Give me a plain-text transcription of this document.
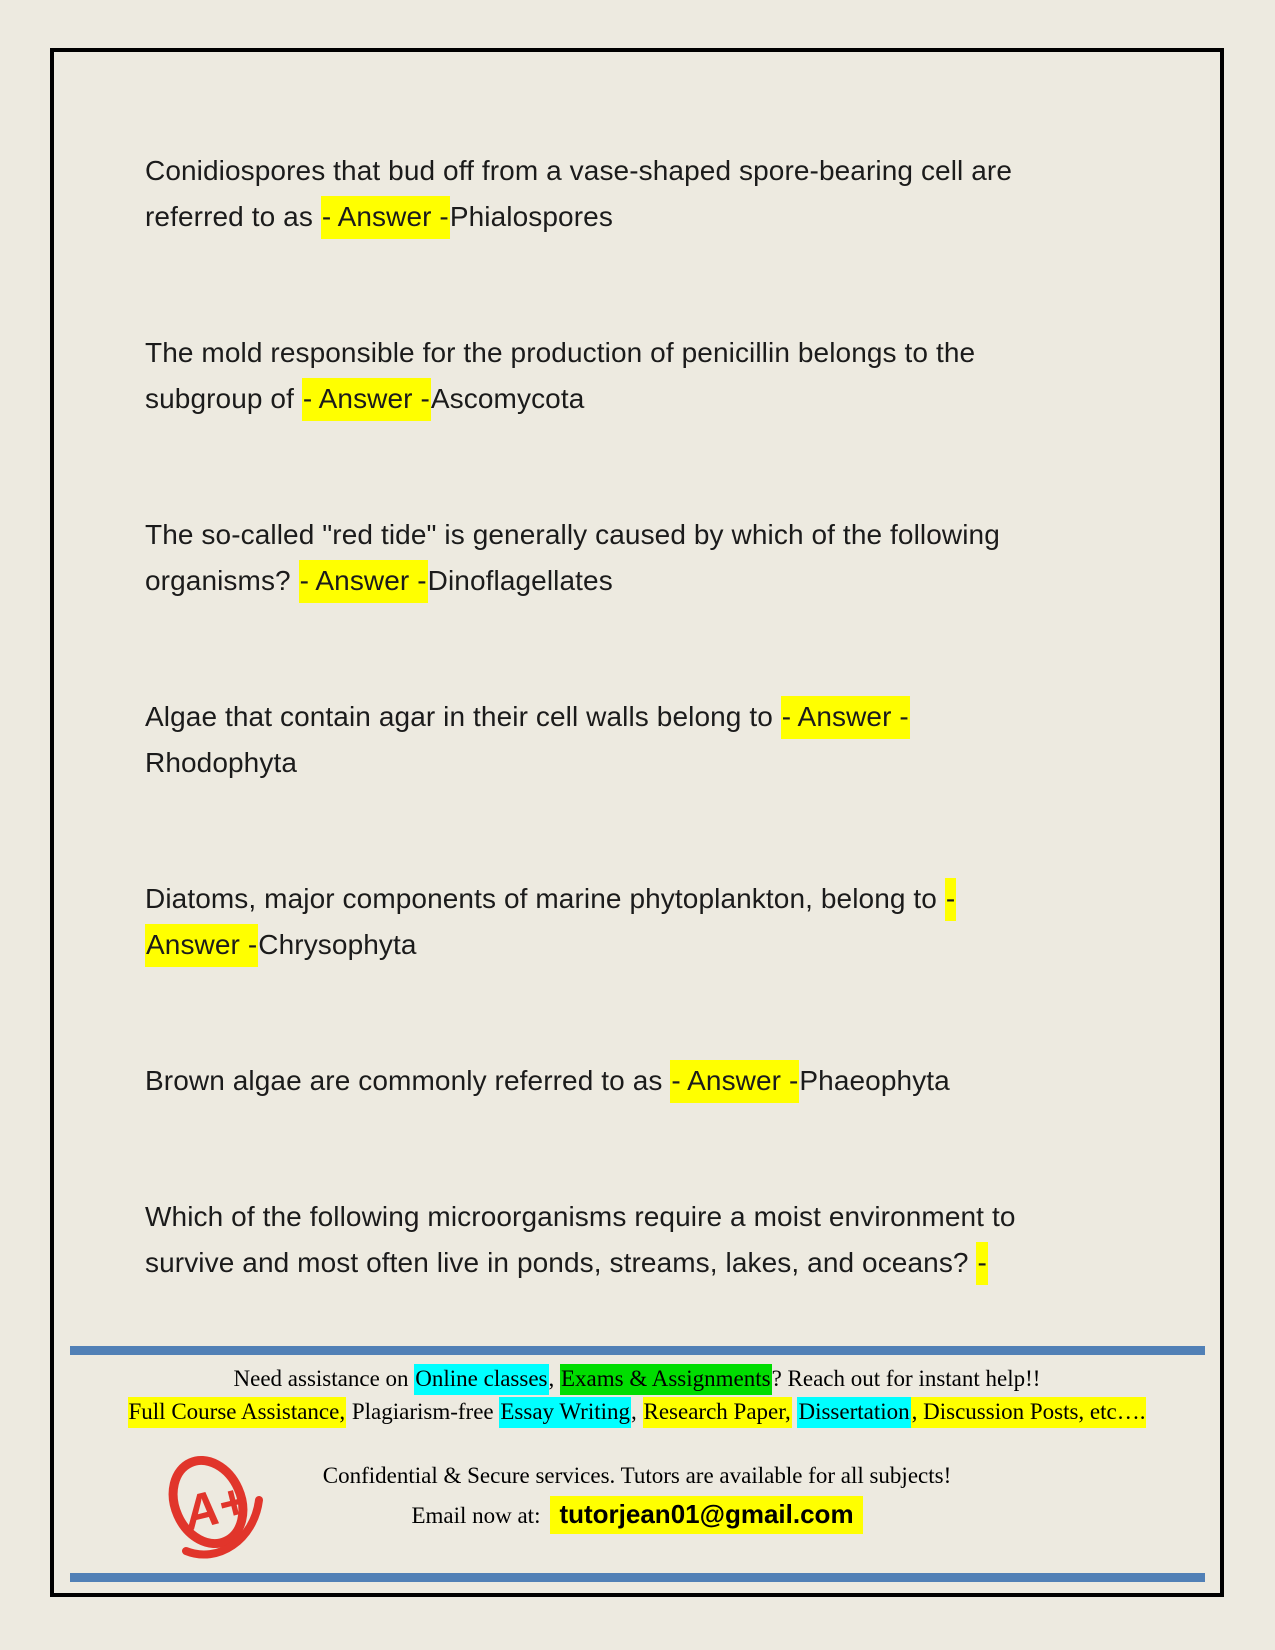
Conidiospores that bud off from a vase-shaped spore-bearing cell are
referred to as - Answer -Phialospores
The mold responsible for the production of penicillin belongs to the
subgroup of - Answer -Ascomycota
The so-called "red tide" is generally caused by which of the following
organisms? - Answer -Dinoflagellates
Algae that contain agar in their cell walls belong to - Answer -
Rhodophyta
Diatoms, major components of marine phytoplankton, belong to -
Answer -Chrysophyta
Brown algae are commonly referred to as - Answer -Phaeophyta
Which of the following microorganisms require a moist environment to
survive and most often live in ponds, streams, lakes, and oceans? -
Need assistance on Online classes, Exams & Assignments? Reach out for instant help!!
Full Course Assistance, Plagiarism-free Essay Writing, Research Paper, Dissertation, Discussion Posts, etc….
A+	Confidential & Secure services. Tutors are available for all subjects!
Email now at: tutorjean01@gmail.com
